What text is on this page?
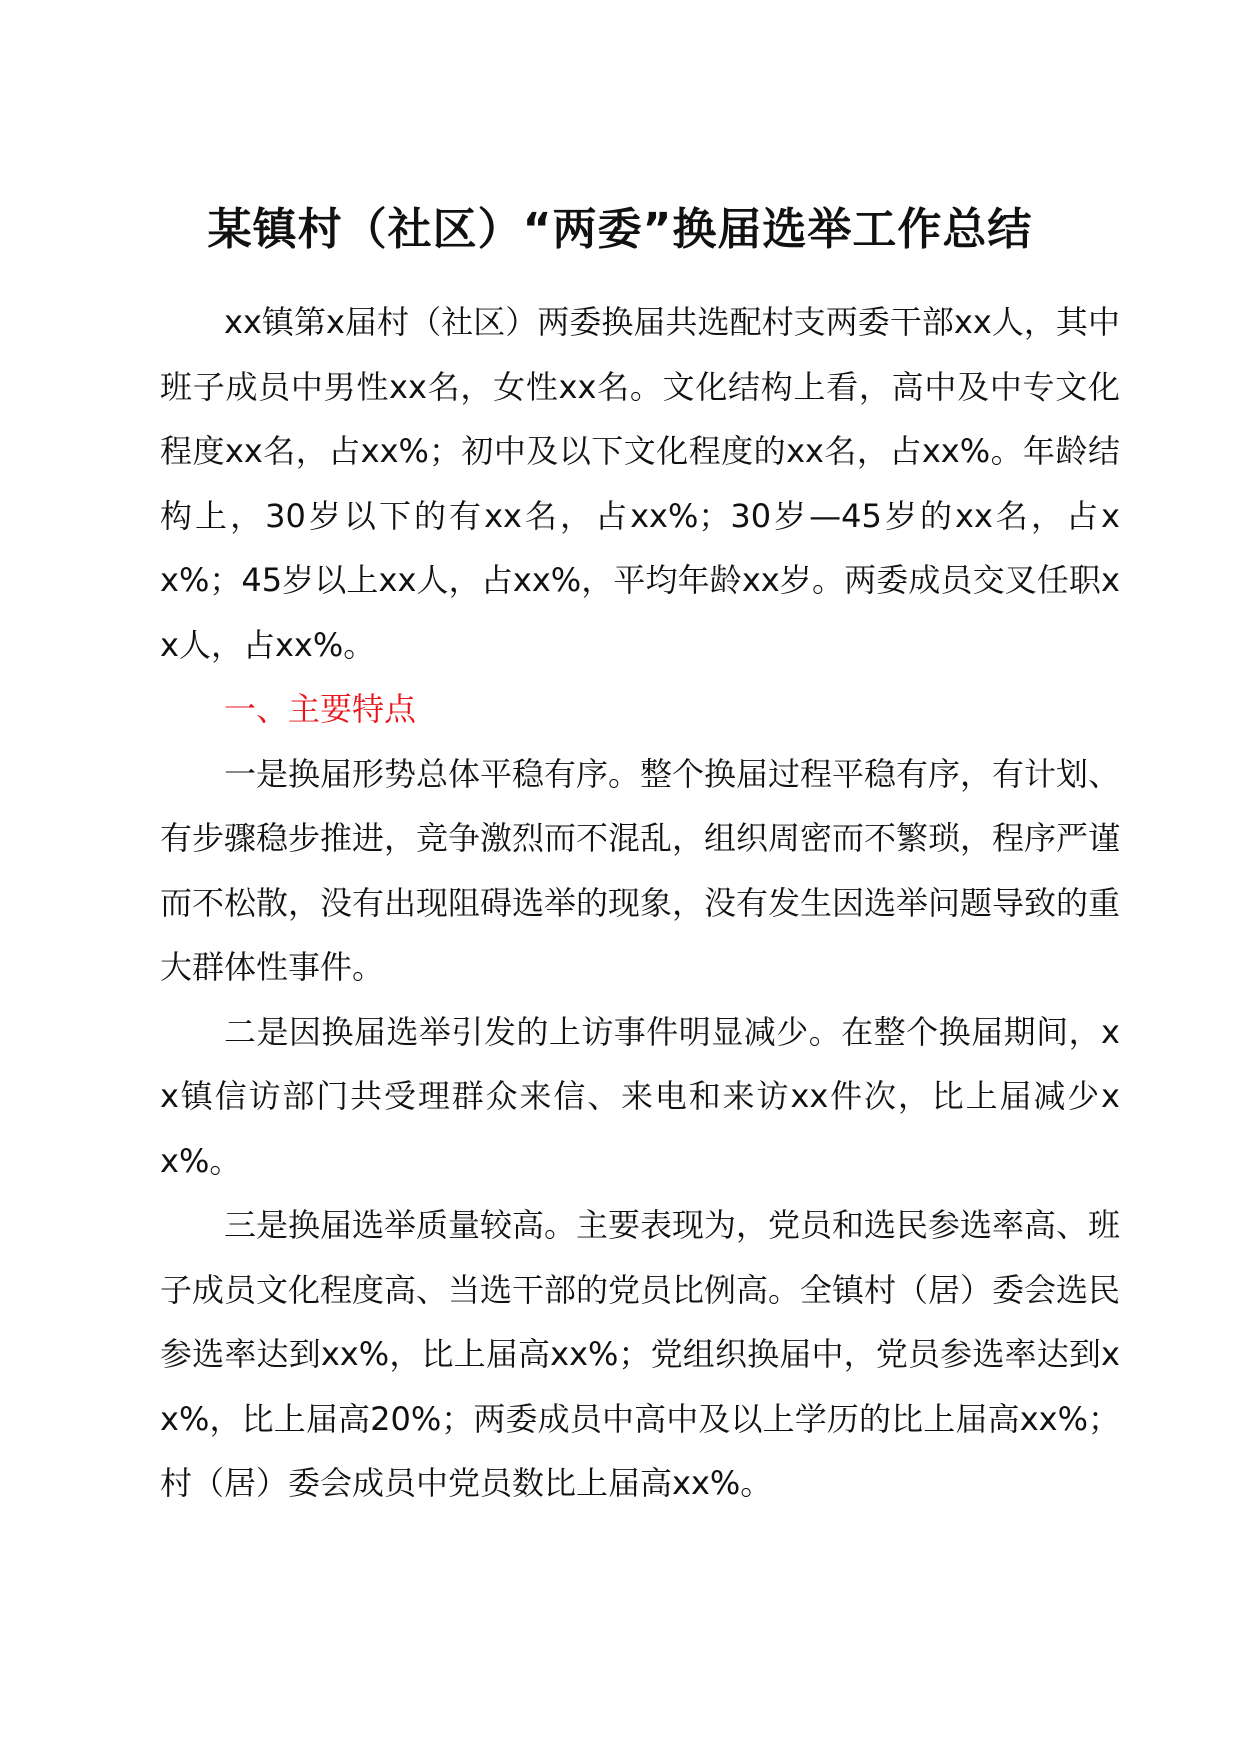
某镇村（社区）“两委”换届选举工作总结

xx镇第x届村（社区）两委换届共选配村支两委干部xx人，其中班子成员中男性xx名，女性xx名。文化结构上看，高中及中专文化程度xx名，占xx%；初中及以下文化程度的xx名，占xx%。年龄结构上，30岁以下的有xx名，占xx%；30岁—45岁的xx名，占xx%；45岁以上xx人，占xx%，平均年龄xx岁。两委成员交叉任职xx人，占xx%。

一、主要特点

一是换届形势总体平稳有序。整个换届过程平稳有序，有计划、有步骤稳步推进，竞争激烈而不混乱，组织周密而不繁琐，程序严谨而不松散，没有出现阻碍选举的现象，没有发生因选举问题导致的重大群体性事件。

二是因换届选举引发的上访事件明显减少。在整个换届期间，xx镇信访部门共受理群众来信、来电和来访xx件次，比上届减少xx%。

三是换届选举质量较高。主要表现为，党员和选民参选率高、班子成员文化程度高、当选干部的党员比例高。全镇村（居）委会选民参选率达到xx%，比上届高xx%；党组织换届中，党员参选率达到xx%，比上届高20%；两委成员中高中及以上学历的比上届高xx%；村（居）委会成员中党员数比上届高xx%。
